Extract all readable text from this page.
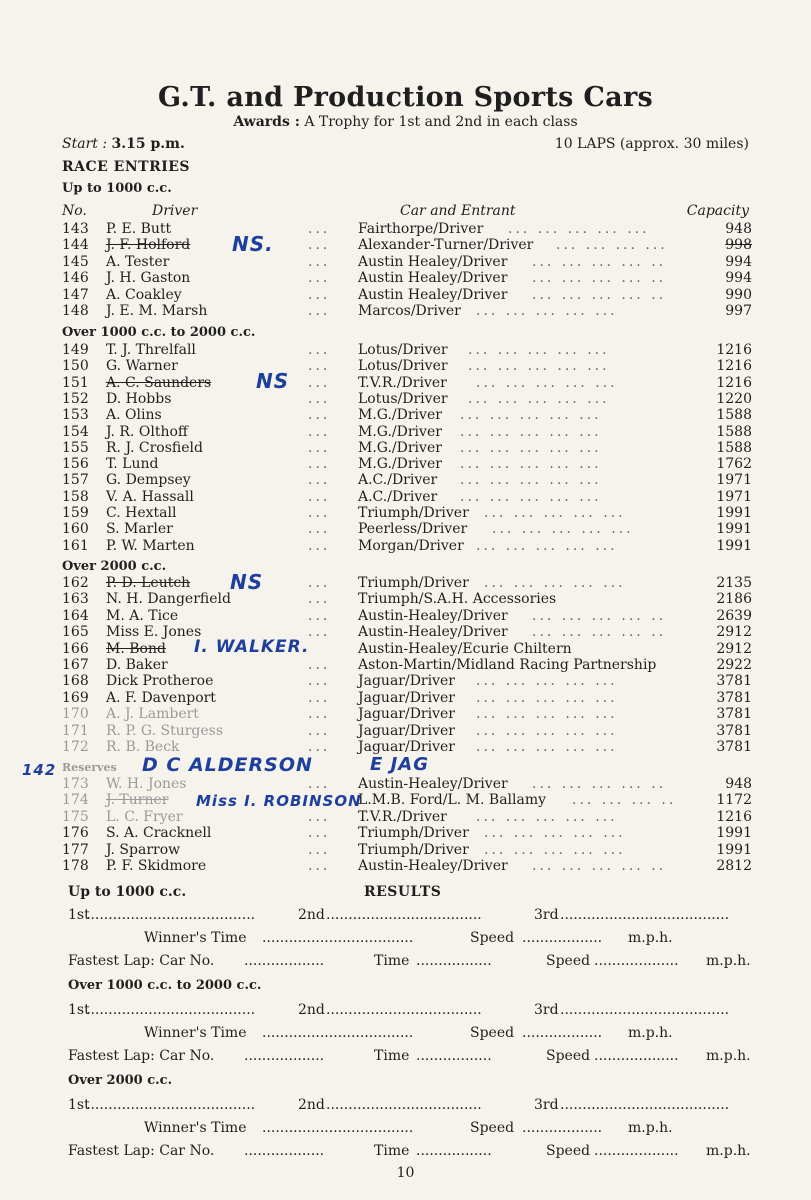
G.T. and Production Sports Cars
Awards : A Trophy for 1st and 2nd in each class
Start : 3.15 p.m.	10 LAPS (approx. 30 miles)
RACE ENTRIES
Up to 1000 c.c.
No.	Driver	Car and Entrant	Capacity
143 P. E. Butt	... Fairthorpe/Driver ... ... ... ... ...	948
144 J. F. Holford	... Alexander-Turner/Driver ... ... ... ...	998
145 A. Tester	... Austin Healey/Driver ... ... ... ... ..	994
146 J. H. Gaston	... Austin Healey/Driver ... ... ... ... ..	994
147 A. Coakley	... Austin Healey/Driver ... ... ... ... ..	990
148 J. E. M. Marsh	... Marcos/Driver ... ... ... ... ...	997
149 T. J. Threlfall	... Lotus/Driver ... ... ... ... ...	1216
150 G. Warner	... Lotus/Driver ... ... ... ... ...	1216
151 A. C. Saunders	... T.V.R./Driver ... ... ... ... ...	1216
152 D. Hobbs	... Lotus/Driver ... ... ... ... ...	1220
153 A. Olins	... M.G./Driver ... ... ... ... ...	1588
154 J. R. Olthoff	... M.G./Driver ... ... ... ... ...	1588
155 R. J. Crosfield	... M.G./Driver ... ... ... ... ...	1588
156 T. Lund	... M.G./Driver ... ... ... ... ...	1762
157 G. Dempsey	... A.C./Driver ... ... ... ... ...	1971
158 V. A. Hassall	... A.C./Driver ... ... ... ... ...	1971
159 C. Hextall	... Triumph/Driver ... ... ... ... ...	1991
160 S. Marler	... Peerless/Driver ... ... ... ... ...	1991
161 P. W. Marten	... Morgan/Driver ... ... ... ... ...	1991
162 P. D. Leutch	... Triumph/Driver ... ... ... ... ...	2135
163 N. H. Dangerfield	... Triumph/S.A.H. Accessories	2186
164 M. A. Tice	... Austin-Healey/Driver ... ... ... ... ..	2639
165 Miss E. Jones	... Austin-Healey/Driver ... ... ... ... ..	2912
166 M. Bond	Austin-Healey/Ecurie Chiltern	2912
167 D. Baker	... Aston-Martin/Midland Racing Partnership	2922
168 Dick Protheroe	... Jaguar/Driver ... ... ... ... ...	3781
169 A. F. Davenport	... Jaguar/Driver ... ... ... ... ...	3781
170 A. J. Lambert	... Jaguar/Driver ... ... ... ... ...	3781
171 R. P. G. Sturgess	... Jaguar/Driver ... ... ... ... ...	3781
172 R. B. Beck	... Jaguar/Driver ... ... ... ... ...	3781
173 W. H. Jones	... Austin-Healey/Driver ... ... ... ... ..	948
174 J. Turner	L.M.B. Ford/L. M. Ballamy ... ... ... ..	1172
175 L. C. Fryer	... T.V.R./Driver ... ... ... ... ...	1216
176 S. A. Cracknell	... Triumph/Driver ... ... ... ... ...	1991
177 J. Sparrow	... Triumph/Driver ... ... ... ... ...	1991
178 P. F. Skidmore	... Austin-Healey/Driver ... ... ... ... ..	2812
Over 1000 c.c. to 2000 c.c.
Over 2000 c.c.
Reserves
NS.
NS
NS
I. WALKER.
142	D C ALDERSON	E JAG
Miss I. ROBINSON
Up to 1000 c.c.	RESULTS
1st
......................................	2nd ...................................	3rd ......................................
Winner's Time ..................................	Speed .................. m.p.h.
Fastest Lap: Car No. ..................	Time .................	Speed ................... m.p.h.
Over 1000 c.c. to 2000 c.c.
1st
......................................	2nd ...................................	3rd ......................................
Winner's Time ..................................	Speed .................. m.p.h.
Fastest Lap: Car No. ..................	Time .................	Speed ................... m.p.h.
Over 2000 c.c.
1st
......................................	2nd ...................................	3rd ......................................
Winner's Time ..................................	Speed .................. m.p.h.
Fastest Lap: Car No. ..................	Time .................	Speed ................... m.p.h.
10
